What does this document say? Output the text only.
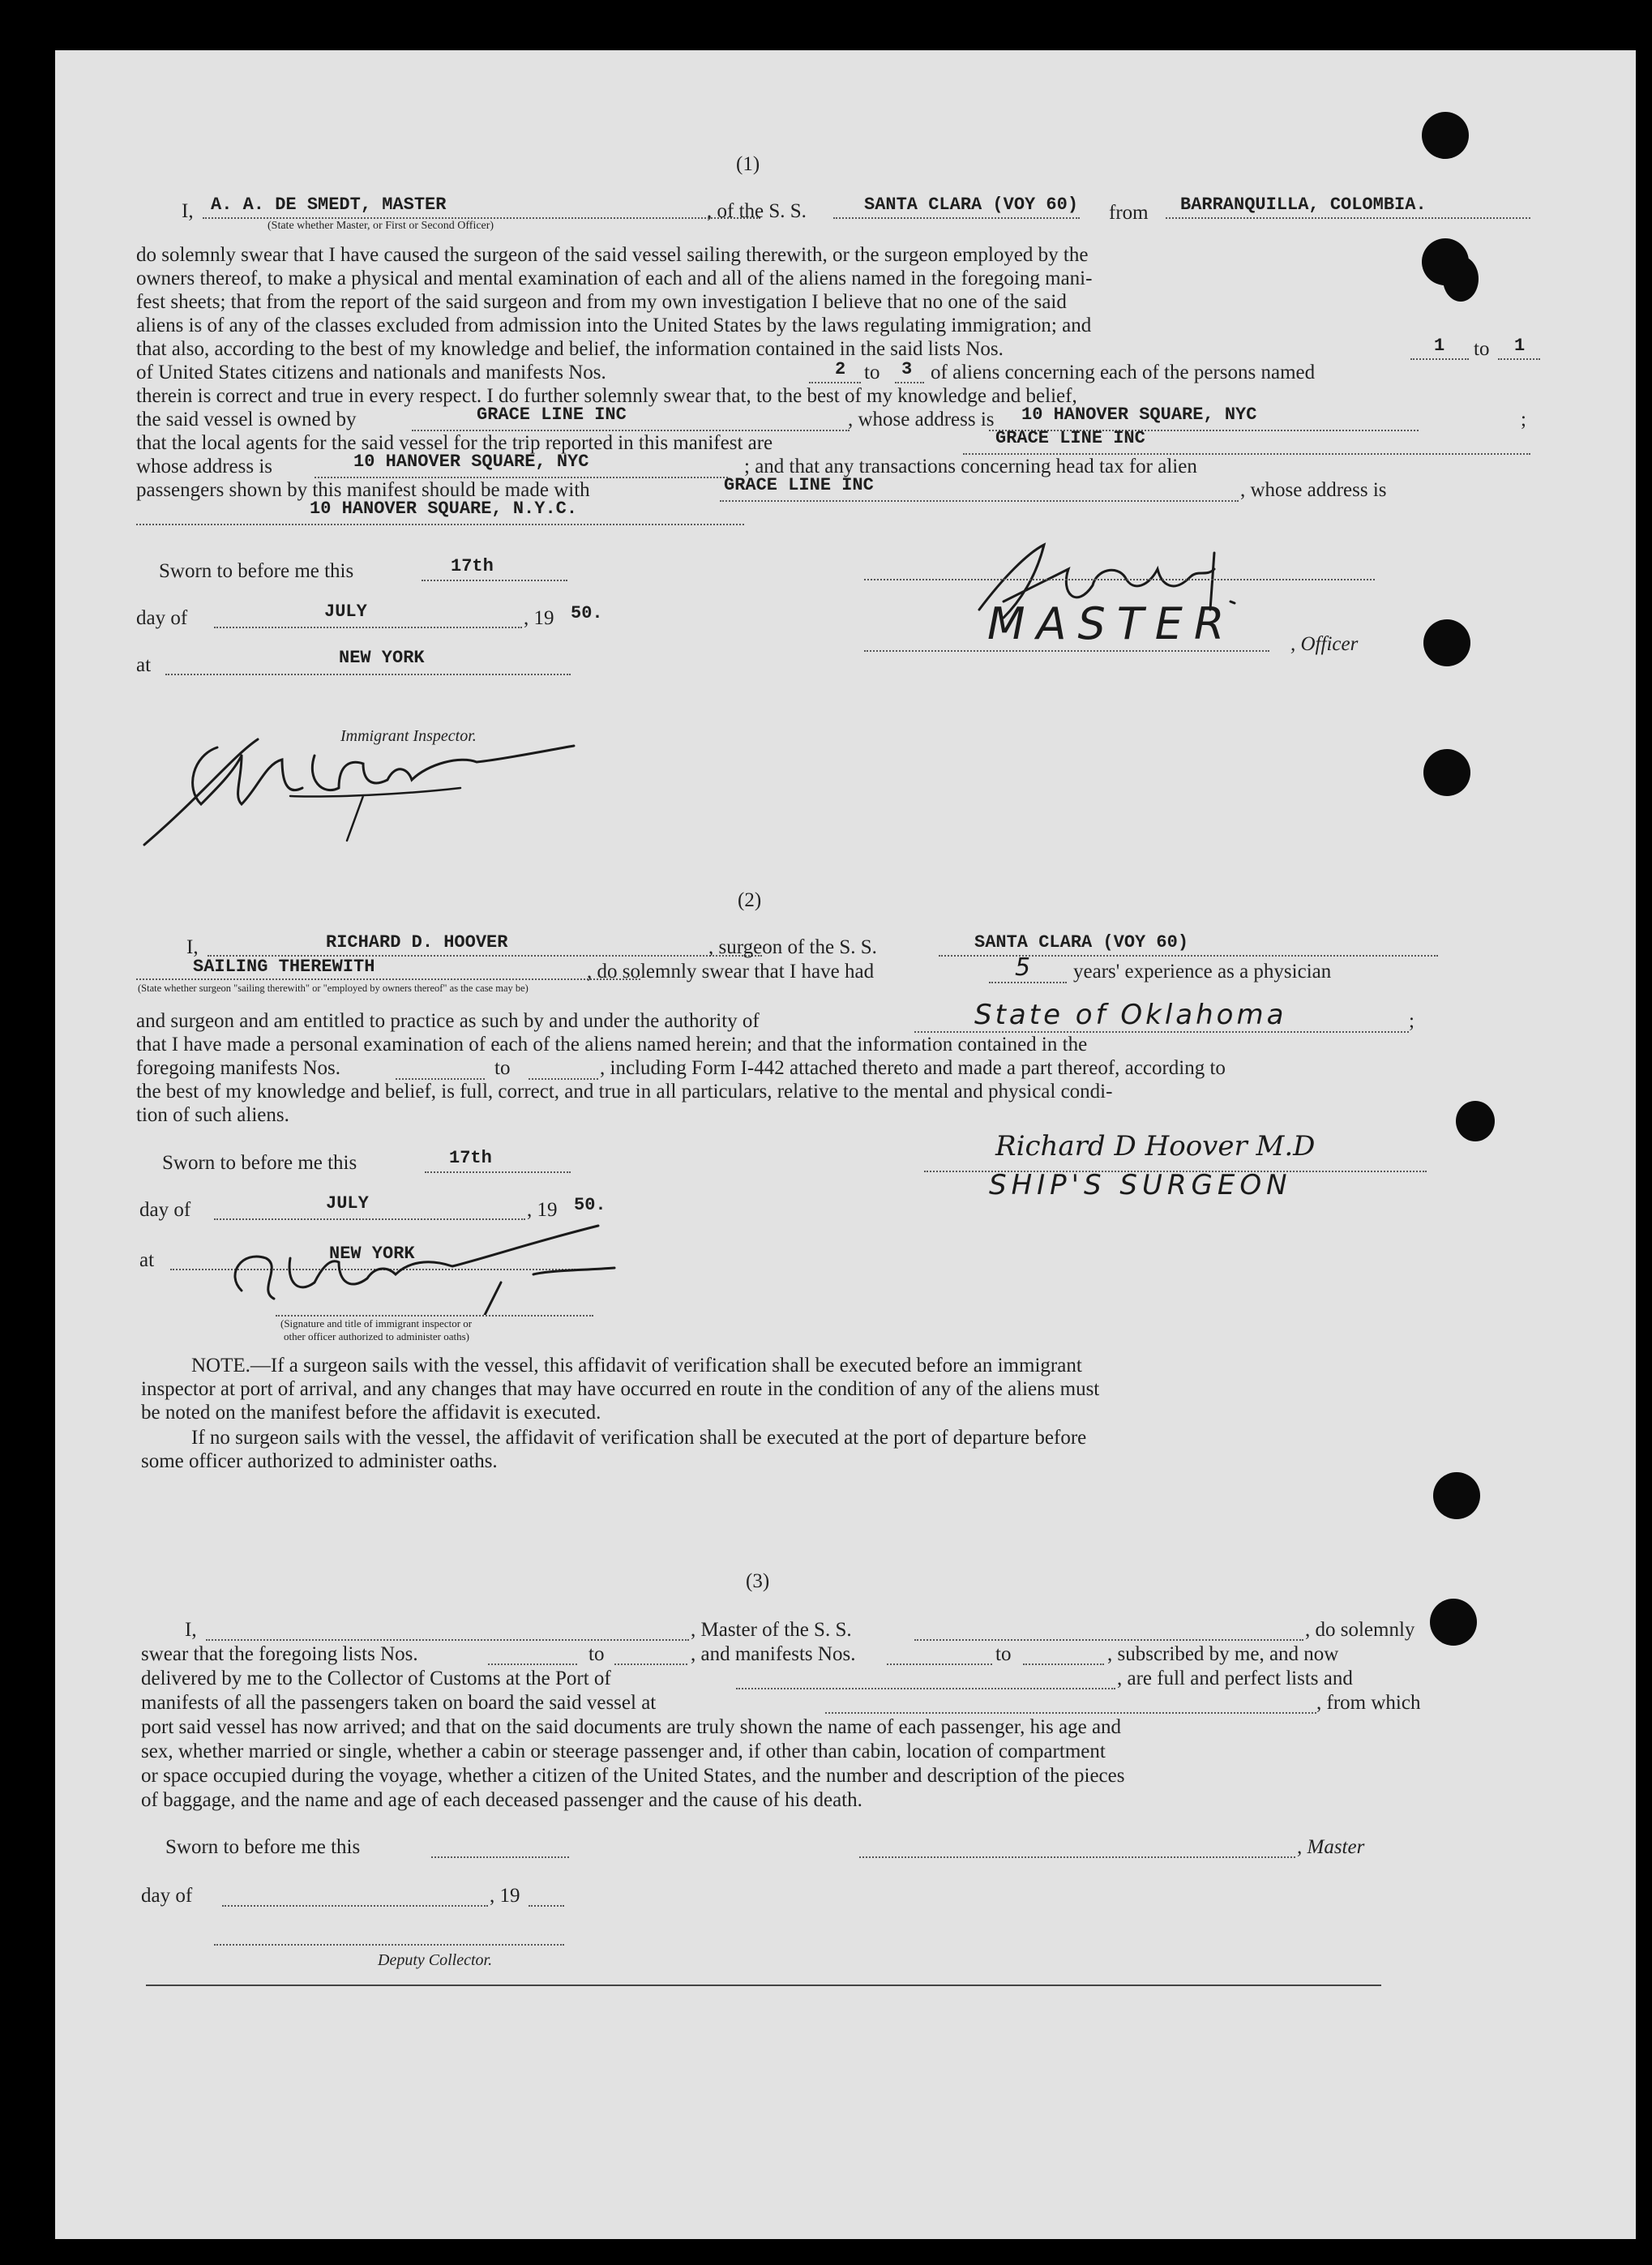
(1)
I, A. A. DE SMEDT, MASTER
(State whether Master, or First or Second Officer)
, of the S. S.	SANTA CLARA (VOY 60) from BARRANQUILLA, COLOMBIA.
do solemnly swear that I have caused the surgeon of the said vessel sailing therewith, or the surgeon employed by the
owners thereof, to make a physical and mental examination of each and all of the aliens named in the foregoing mani-
fest sheets; that from the report of the said surgeon and from my own investigation I believe that no one of the said
aliens is of any of the classes excluded from admission into the United States by the laws regulating immigration; and
that also, according to the best of my knowledge and belief, the information contained in the said lists Nos.	1 to 1
of United States citizens and nationals and manifests Nos.	2 to 3 of aliens concerning each of the persons named
therein is correct and true in every respect. I do further solemnly swear that, to the best of my knowledge and belief,
the said vessel is owned by	GRACE LINE INC	, whose address is 10 HANOVER SQUARE, NYC	;
that the local agents for the said vessel for the trip reported in this manifest are	GRACE LINE INC
whose address is	10 HANOVER SQUARE, NYC	; and that any transactions concerning head tax for alien
passengers shown by this manifest should be made with	GRACE LINE INC	, whose address is
10 HANOVER SQUARE, N.Y.C.
Sworn to before me this	17th
day of	JULY	, 19 50.
at	NEW YORK
Immigrant Inspector.
MASTER	, Officer
(2)
I,	RICHARD D. HOOVER	, surgeon of the S. S.	SANTA CLARA (VOY 60)
SAILING THEREWITH
(State whether surgeon "sailing therewith" or "employed by owners thereof" as the case may be)
, do solemnly swear that I have had	5 years' experience as a physician
and surgeon and am entitled to practice as such by and under the authority of	State of Oklahoma	;
that I have made a personal examination of each of the aliens named herein; and that the information contained in the
foregoing manifests Nos.	to	, including Form I-442 attached thereto and made a part thereof, according to
the best of my knowledge and belief, is full, correct, and true in all particulars, relative to the mental and physical condi-
tion of such aliens.
Sworn to before me this	17th
day of	JULY	, 19 50.
at	NEW YORK
(Signature and title of immigrant inspector or
other officer authorized to administer oaths)
Richard D Hoover M.D
SHIP'S SURGEON
NOTE.—If a surgeon sails with the vessel, this affidavit of verification shall be executed before an immigrant
inspector at port of arrival, and any changes that may have occurred en route in the condition of any of the aliens must
be noted on the manifest before the affidavit is executed.
If no surgeon sails with the vessel, the affidavit of verification shall be executed at the port of departure before
some officer authorized to administer oaths.
(3)
I,	, Master of the S. S.	, do solemnly
swear that the foregoing lists Nos.	to	, and manifests Nos.	to	, subscribed by me, and now
delivered by me to the Collector of Customs at the Port of	, are full and perfect lists and
manifests of all the passengers taken on board the said vessel at	, from which
port said vessel has now arrived; and that on the said documents are truly shown the name of each passenger, his age and
sex, whether married or single, whether a cabin or steerage passenger and, if other than cabin, location of compartment
or space occupied during the voyage, whether a citizen of the United States, and the number and description of the pieces
of baggage, and the name and age of each deceased passenger and the cause of his death.
Sworn to before me this	, Master
day of	, 19
Deputy Collector.
